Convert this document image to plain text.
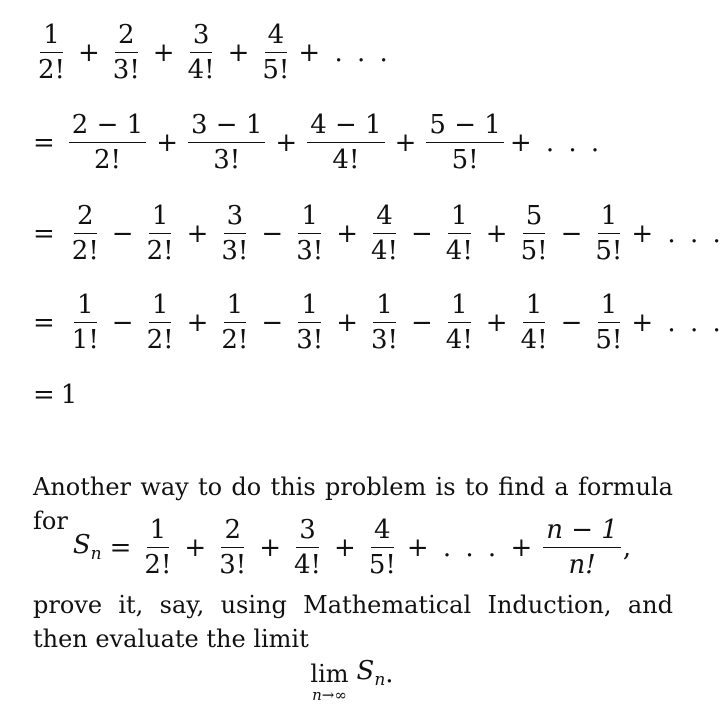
$\frac{1}{2!} + \frac{2}{3!} + \frac{3}{4!} + \frac{4}{5!}$ + . . .
= $\frac{2 - 1}{2!} + \frac{3 - 1}{3!} + \frac{4 - 1}{4!} + \frac{5 - 1}{5!}$ + . . .
= $\frac{2}{2!} - \frac{1}{2!} + \frac{3}{3!} - \frac{1}{3!} + \frac{4}{4!} - \frac{1}{4!} + \frac{5}{5!} - \frac{1}{5!}$ + . . .
= $\frac{1}{1!} - \frac{1}{2!} + \frac{1}{2!} - \frac{1}{3!} + \frac{1}{3!} - \frac{1}{4!} + \frac{1}{4!} - \frac{1}{5!}$ + . . .
= 1
Another way to do this problem is to find a formula for
$S_n = \frac{1}{2!} + \frac{2}{3!} + \frac{3}{4!} + \frac{4}{5!}$ + . . . + $\frac{n - 1}{n!}$ ,
prove it, say, using Mathematical Induction, and then evaluate the limit
lim
n→∞
$S_n$ .
